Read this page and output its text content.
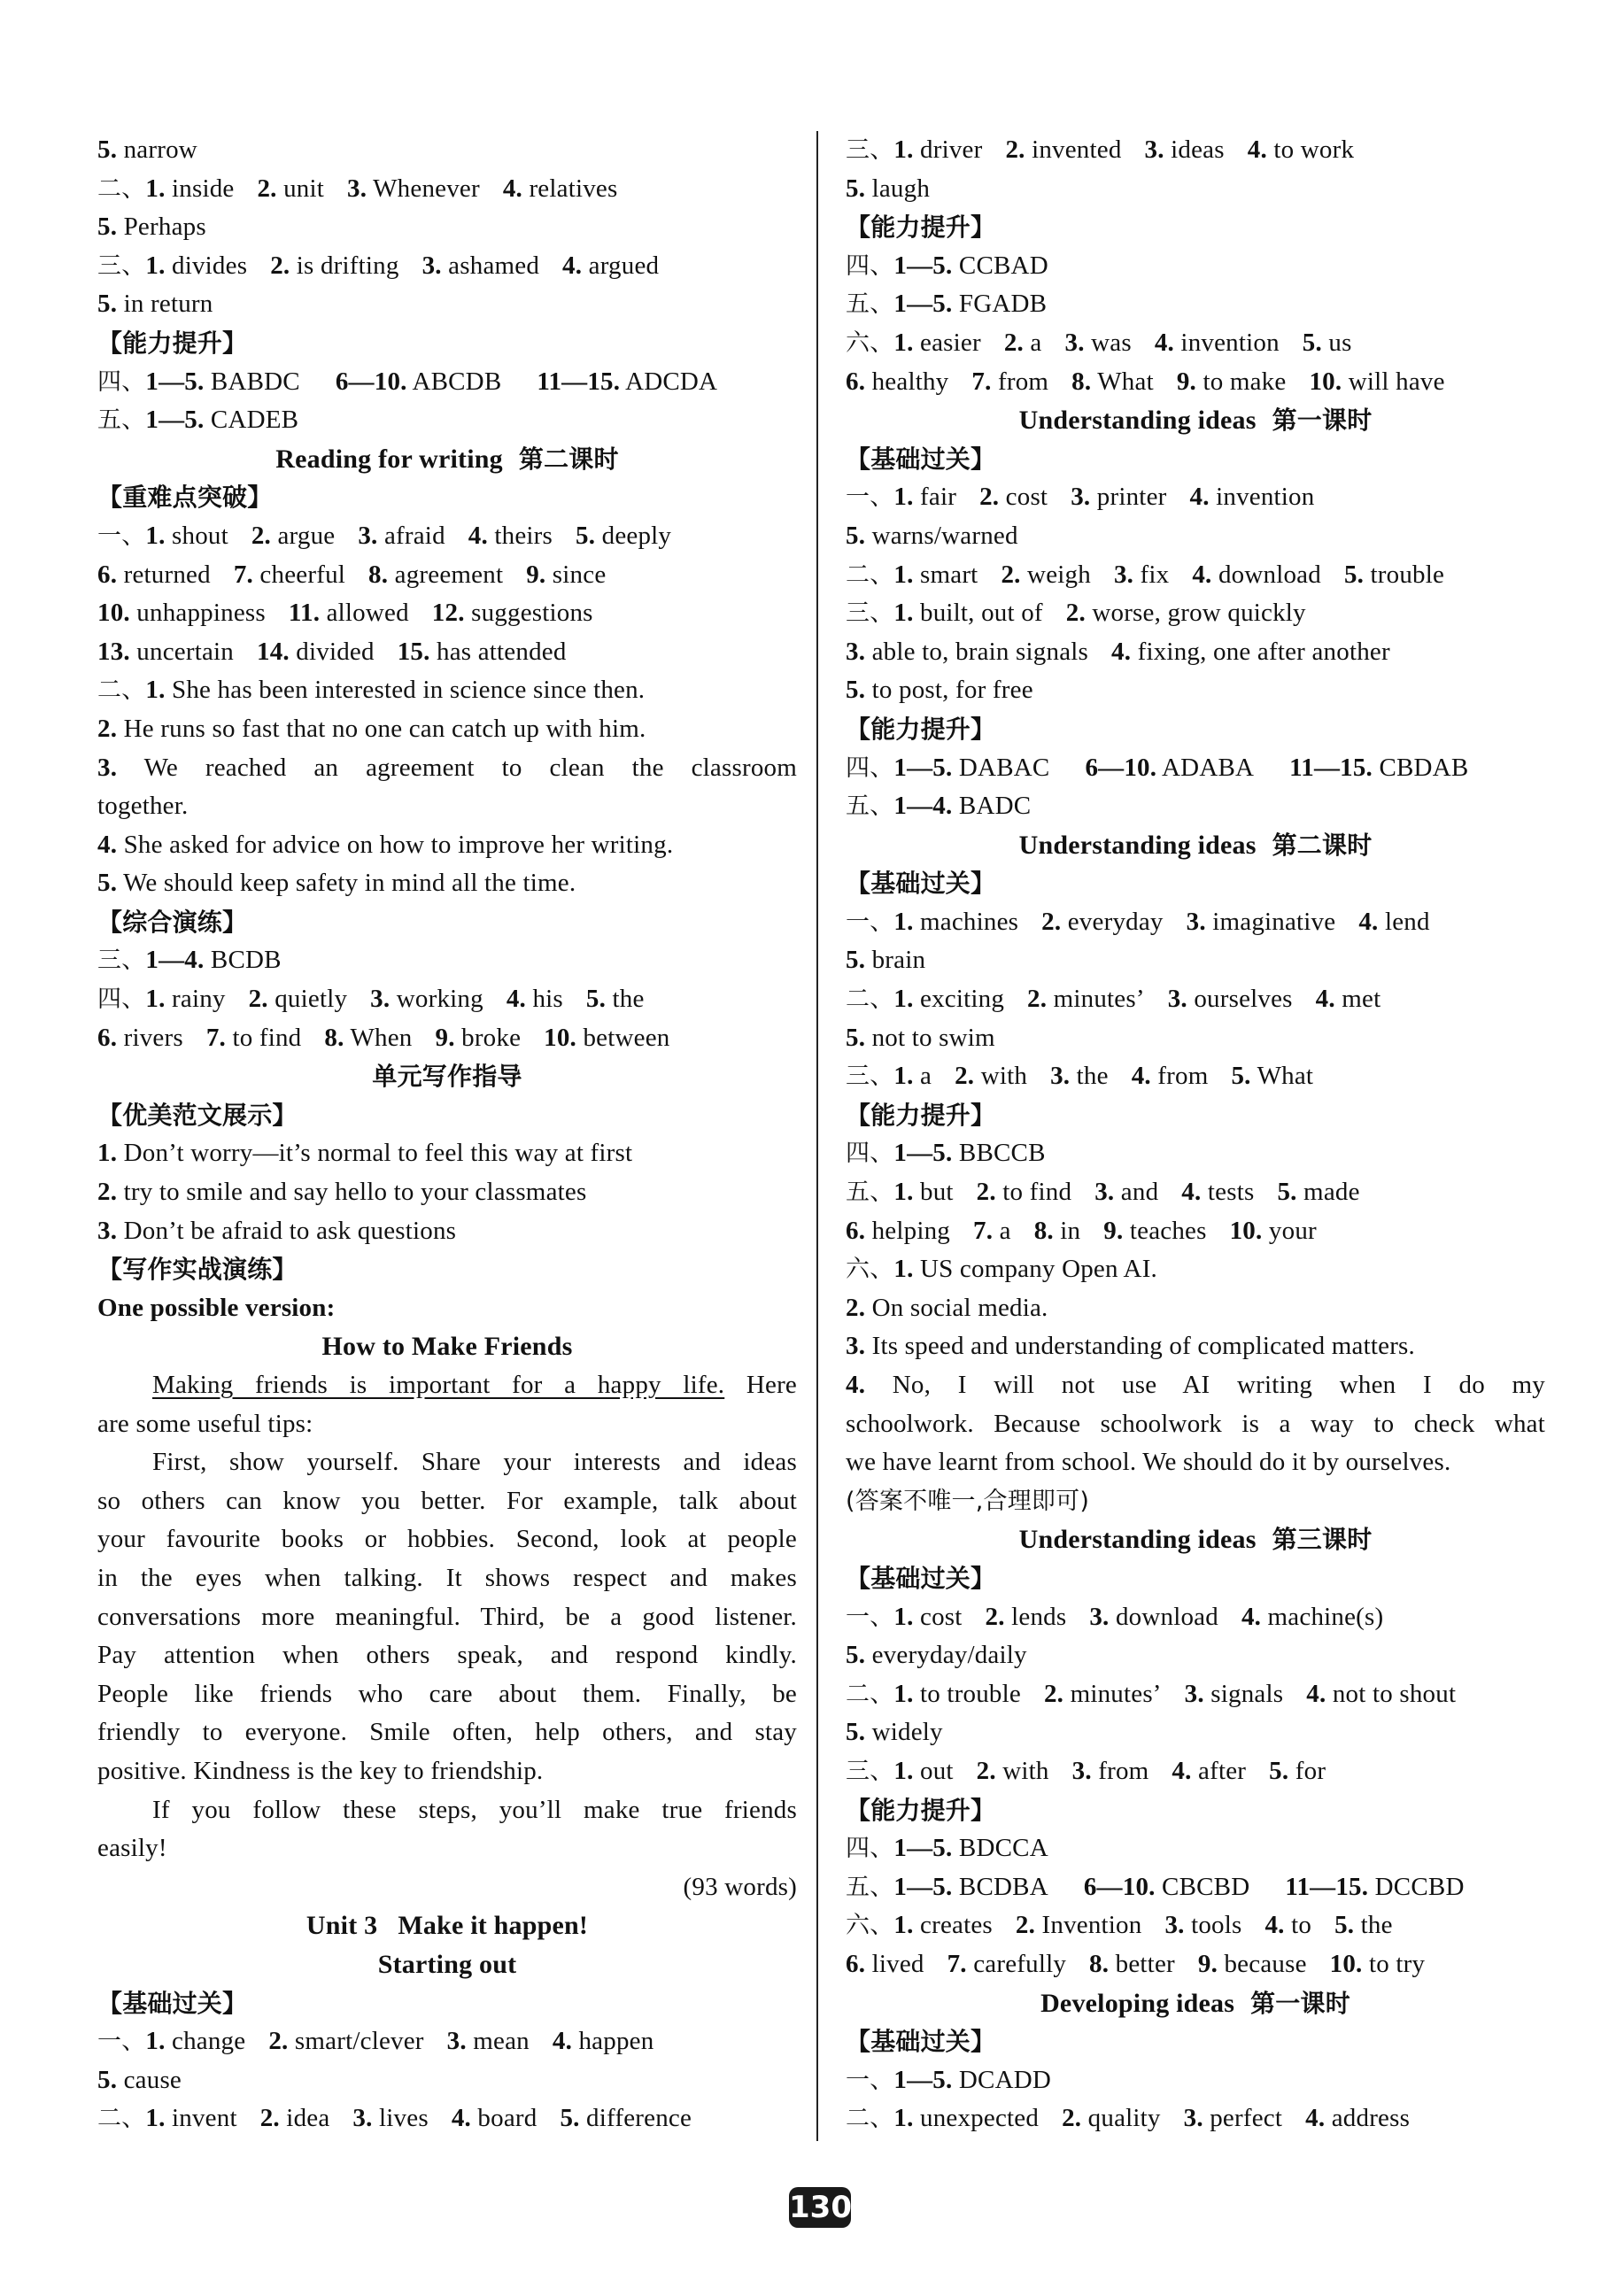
5. narrow
二、1. inside 2. unit 3. Whenever 4. relatives
5. Perhaps
三、1. divides 2. is drifting 3. ashamed 4. argued
5. in return
【能力提升】
四、1—5. BABDC 6—10. ABCDB 11—15. ADCDA
五、1—5. CADEB
Reading for writing 第二课时
【重难点突破】
一、1. shout 2. argue 3. afraid 4. theirs 5. deeply
6. returned 7. cheerful 8. agreement 9. since
10. unhappiness 11. allowed 12. suggestions
13. uncertain 14. divided 15. has attended
二、1. She has been interested in science since then.
2. He runs so fast that no one can catch up with him.
3. We reached an agreement to clean the classroom
together.
4. She asked for advice on how to improve her writing.
5. We should keep safety in mind all the time.
【综合演练】
三、1—4. BCDB
四、1. rainy 2. quietly 3. working 4. his 5. the
6. rivers 7. to find 8. When 9. broke 10. between
单元写作指导
【优美范文展示】
1. Don’t worry—it’s normal to feel this way at first
2. try to smile and say hello to your classmates
3. Don’t be afraid to ask questions
【写作实战演练】
One possible version:
How to Make Friends
Making friends is important for a happy life. Here
are some useful tips:
First, show yourself. Share your interests and ideas
so others can know you better. For example, talk about
your favourite books or hobbies. Second, look at people
in the eyes when talking. It shows respect and makes
conversations more meaningful. Third, be a good listener.
Pay attention when others speak, and respond kindly.
People like friends who care about them. Finally, be
friendly to everyone. Smile often, help others, and stay
positive. Kindness is the key to friendship.
If you follow these steps, you’ll make true friends
easily!
(93 words)
Unit 3   Make it happen!
Starting out
【基础过关】
一、1. change 2. smart/clever 3. mean 4. happen
5. cause
二、1. invent 2. idea 3. lives 4. board 5. difference
三、1. driver 2. invented 3. ideas 4. to work
5. laugh
【能力提升】
四、1—5. CCBAD
五、1—5. FGADB
六、1. easier 2. a 3. was 4. invention 5. us
6. healthy 7. from 8. What 9. to make 10. will have
Understanding ideas 第一课时
【基础过关】
一、1. fair 2. cost 3. printer 4. invention
5. warns/warned
二、1. smart 2. weigh 3. fix 4. download 5. trouble
三、1. built, out of 2. worse, grow quickly
3. able to, brain signals 4. fixing, one after another
5. to post, for free
【能力提升】
四、1—5. DABAC 6—10. ADABA 11—15. CBDAB
五、1—4. BADC
Understanding ideas 第二课时
【基础过关】
一、1. machines 2. everyday 3. imaginative 4. lend
5. brain
二、1. exciting 2. minutes’ 3. ourselves 4. met
5. not to swim
三、1. a 2. with 3. the 4. from 5. What
【能力提升】
四、1—5. BBCCB
五、1. but 2. to find 3. and 4. tests 5. made
6. helping 7. a 8. in 9. teaches 10. your
六、1. US company Open AI.
2. On social media.
3. Its speed and understanding of complicated matters.
4. No, I will not use AI writing when I do my
schoolwork. Because schoolwork is a way to check what
we have learnt from school. We should do it by ourselves.
(答案不唯一,合理即可)
Understanding ideas 第三课时
【基础过关】
一、1. cost 2. lends 3. download 4. machine(s)
5. everyday/daily
二、1. to trouble 2. minutes’ 3. signals 4. not to shout
5. widely
三、1. out 2. with 3. from 4. after 5. for
【能力提升】
四、1—5. BDCCA
五、1—5. BCDBA 6—10. CBCBD 11—15. DCCBD
六、1. creates 2. Invention 3. tools 4. to 5. the
6. lived 7. carefully 8. better 9. because 10. to try
Developing ideas 第一课时
【基础过关】
一、1—5. DCADD
二、1. unexpected 2. quality 3. perfect 4. address
130
